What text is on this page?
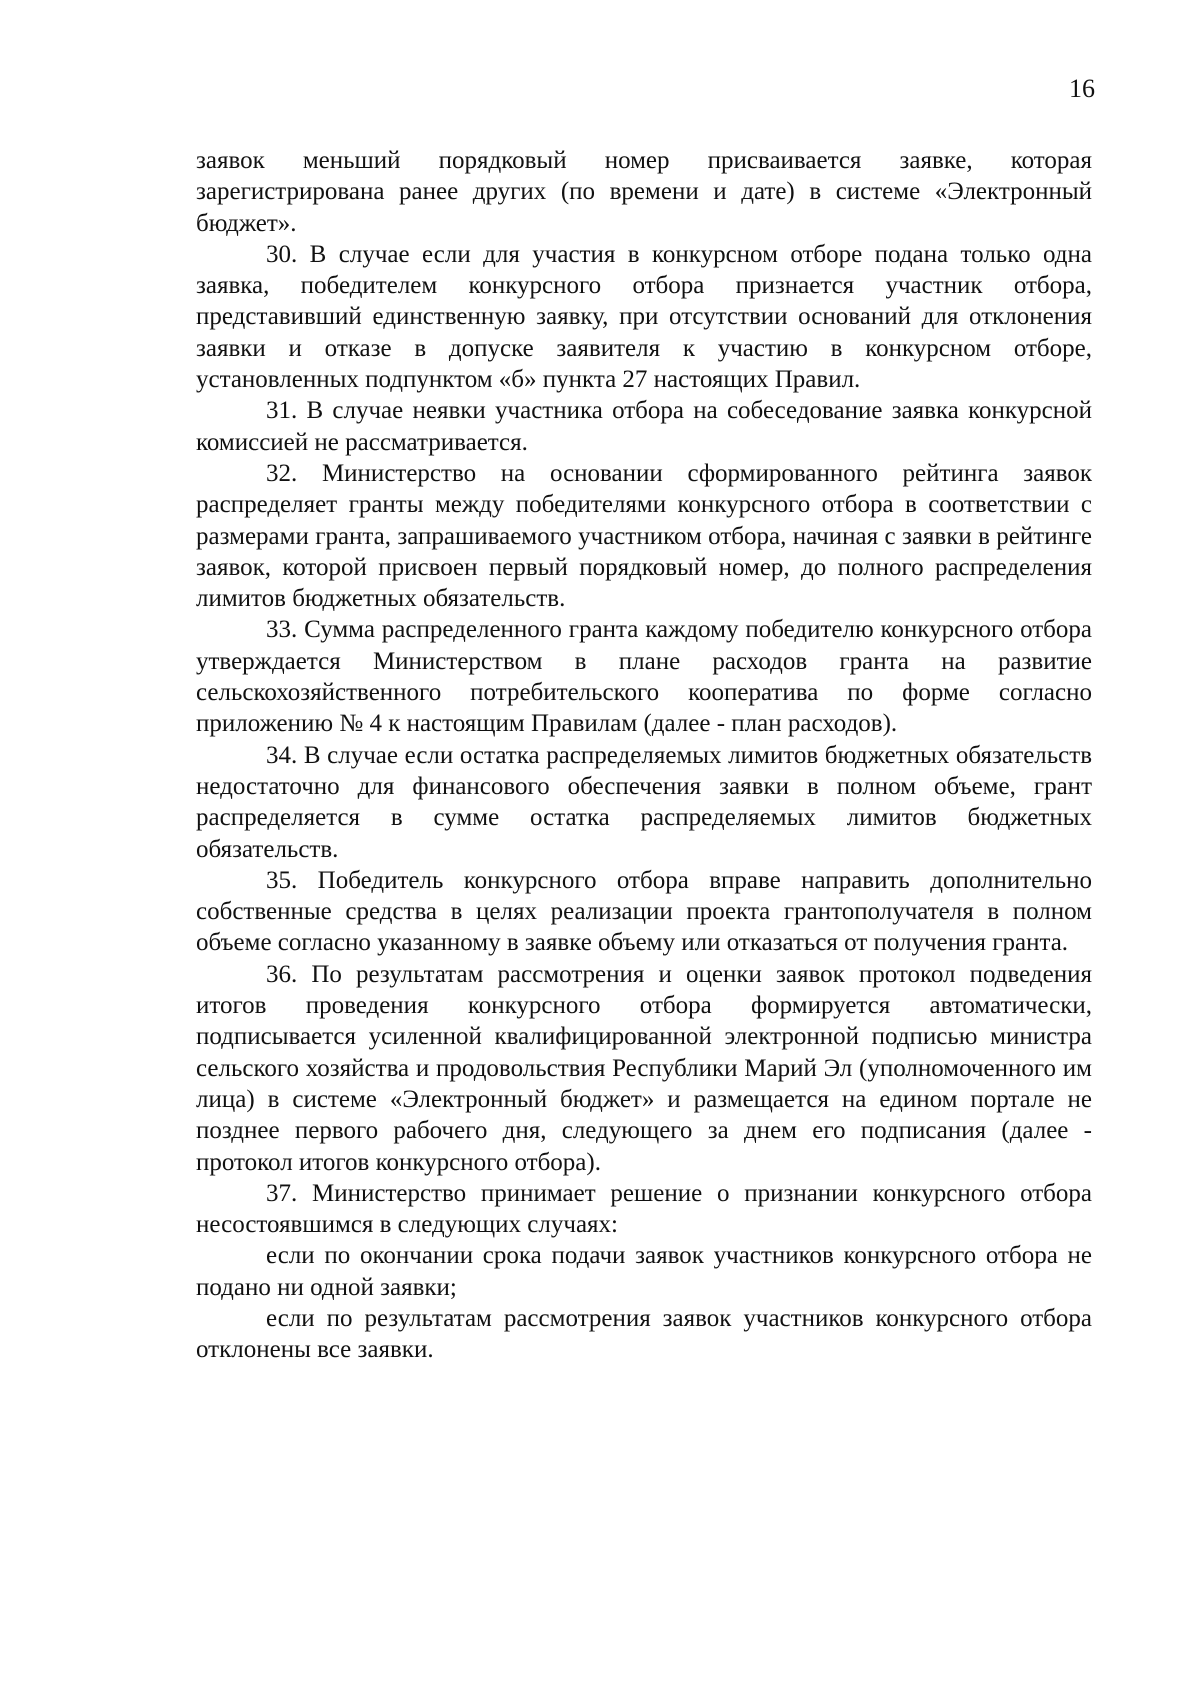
16

заявок меньший порядковый номер присваивается заявке, которая зарегистрирована ранее других (по времени и дате) в системе «Электронный бюджет».

30. В случае если для участия в конкурсном отборе подана только одна заявка, победителем конкурсного отбора признается участник отбора, представивший единственную заявку, при отсутствии оснований для отклонения заявки и отказе в допуске заявителя к участию в конкурсном отборе, установленных подпунктом «б» пункта 27 настоящих Правил.

31. В случае неявки участника отбора на собеседование заявка конкурсной комиссией не рассматривается.

32. Министерство на основании сформированного рейтинга заявок распределяет гранты между победителями конкурсного отбора в соответствии с размерами гранта, запрашиваемого участником отбора, начиная с заявки в рейтинге заявок, которой присвоен первый порядковый номер, до полного распределения лимитов бюджетных обязательств.

33. Сумма распределенного гранта каждому победителю конкурсного отбора утверждается Министерством в плане расходов гранта на развитие сельскохозяйственного потребительского кооператива по форме согласно приложению № 4 к настоящим Правилам (далее - план расходов).

34. В случае если остатка распределяемых лимитов бюджетных обязательств недостаточно для финансового обеспечения заявки в полном объеме, грант распределяется в сумме остатка распределяемых лимитов бюджетных обязательств.

35. Победитель конкурсного отбора вправе направить дополнительно собственные средства в целях реализации проекта грантополучателя в полном объеме согласно указанному в заявке объему или отказаться от получения гранта.

36. По результатам рассмотрения и оценки заявок протокол подведения итогов проведения конкурсного отбора формируется автоматически, подписывается усиленной квалифицированной электронной подписью министра сельского хозяйства и продовольствия Республики Марий Эл (уполномоченного им лица) в системе «Электронный бюджет» и размещается на едином портале не позднее первого рабочего дня, следующего за днем его подписания (далее - протокол итогов конкурсного отбора).

37. Министерство принимает решение о признании конкурсного отбора несостоявшимся в следующих случаях:

если по окончании срока подачи заявок участников конкурсного отбора не подано ни одной заявки;

если по результатам рассмотрения заявок участников конкурсного отбора отклонены все заявки.
